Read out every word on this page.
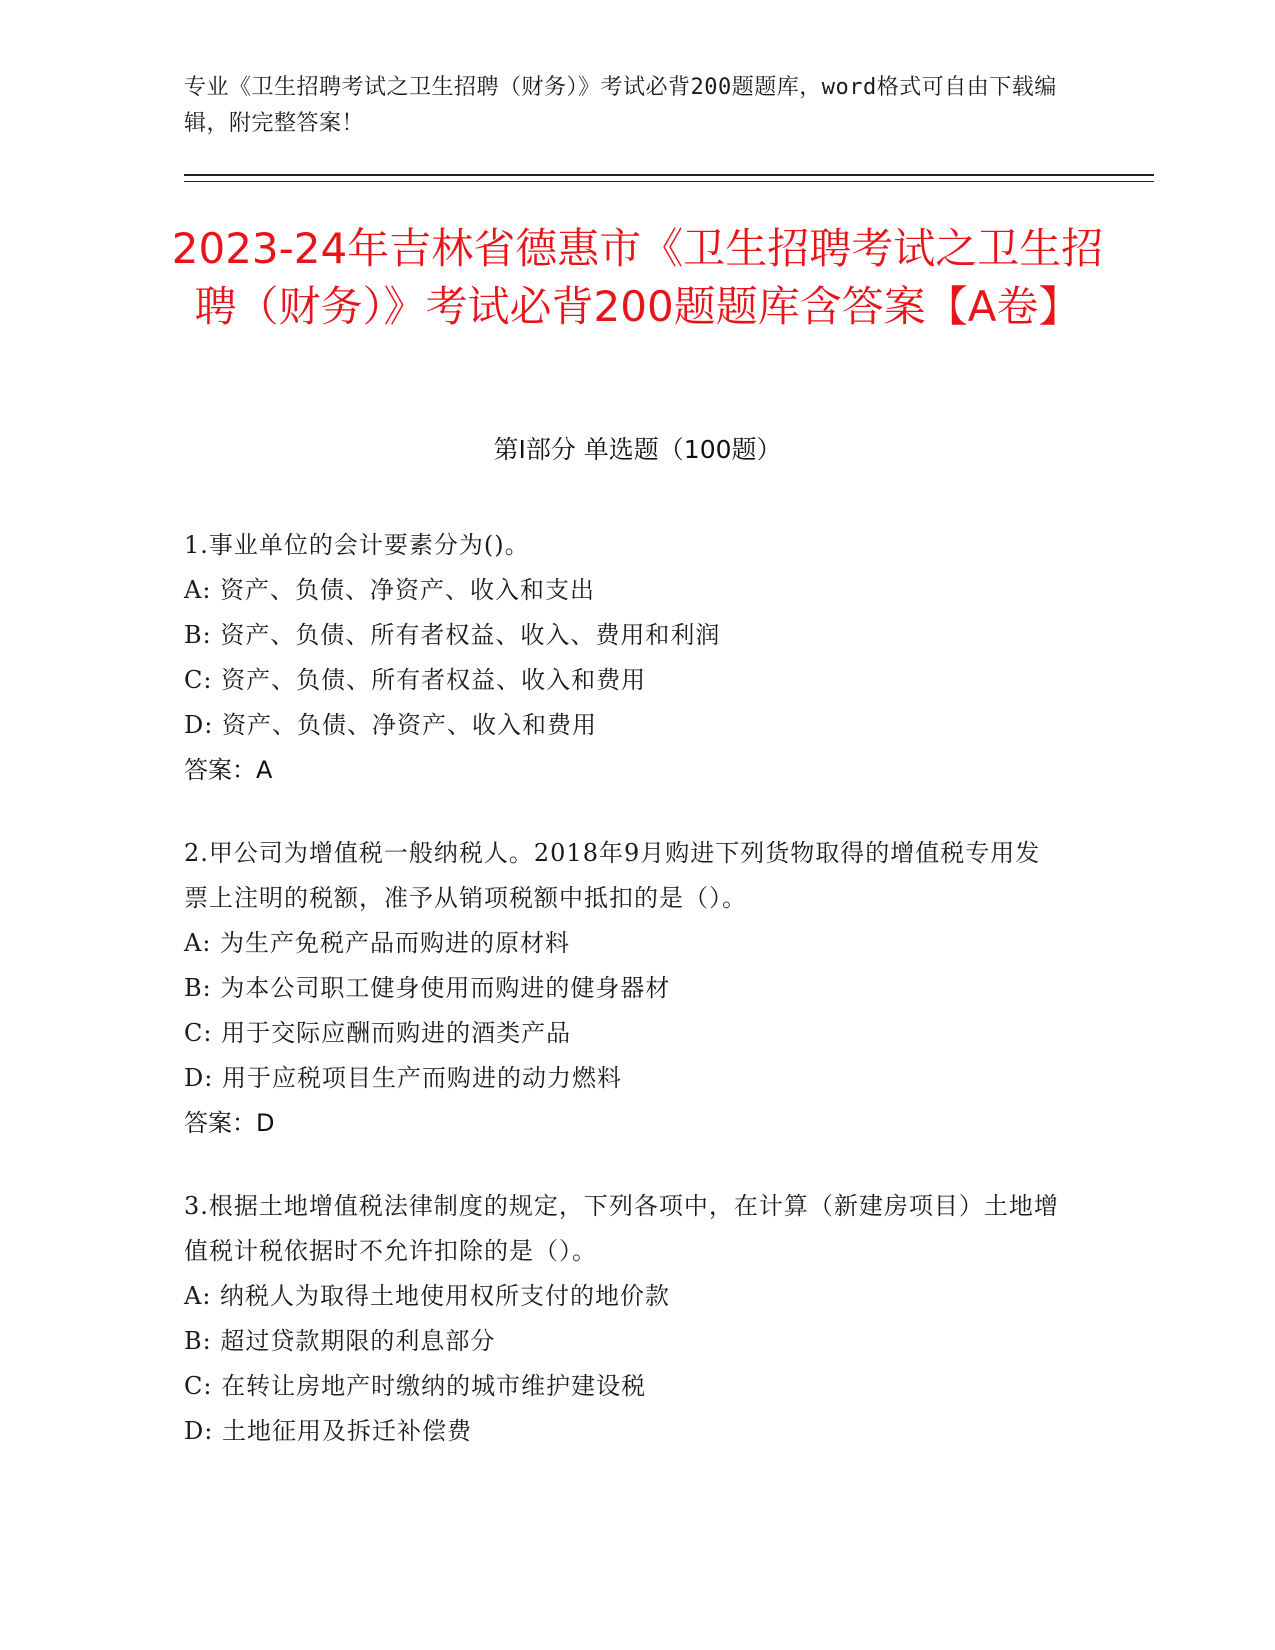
专业《卫生招聘考试之卫生招聘（财务）》考试必背200题题库，word格式可自由下载编辑，附完整答案！
2023-24年吉林省德惠市《卫生招聘考试之卫生招聘（财务）》考试必背200题题库含答案【A卷】
第Ⅰ部分 单选题（100题）
1.事业单位的会计要素分为()。
A: 资产、负债、净资产、收入和支出
B: 资产、负债、所有者权益、收入、费用和利润
C: 资产、负债、所有者权益、收入和费用
D: 资产、负债、净资产、收入和费用
答案：A
2.甲公司为增值税一般纳税人。2018年9月购进下列货物取得的增值税专用发票上注明的税额，准予从销项税额中抵扣的是（）。
A: 为生产免税产品而购进的原材料
B: 为本公司职工健身使用而购进的健身器材
C: 用于交际应酬而购进的酒类产品
D: 用于应税项目生产而购进的动力燃料
答案：D
3.根据土地增值税法律制度的规定，下列各项中，在计算（新建房项目）土地增值税计税依据时不允许扣除的是（）。
A: 纳税人为取得土地使用权所支付的地价款
B: 超过贷款期限的利息部分
C: 在转让房地产时缴纳的城市维护建设税
D: 土地征用及拆迁补偿费
